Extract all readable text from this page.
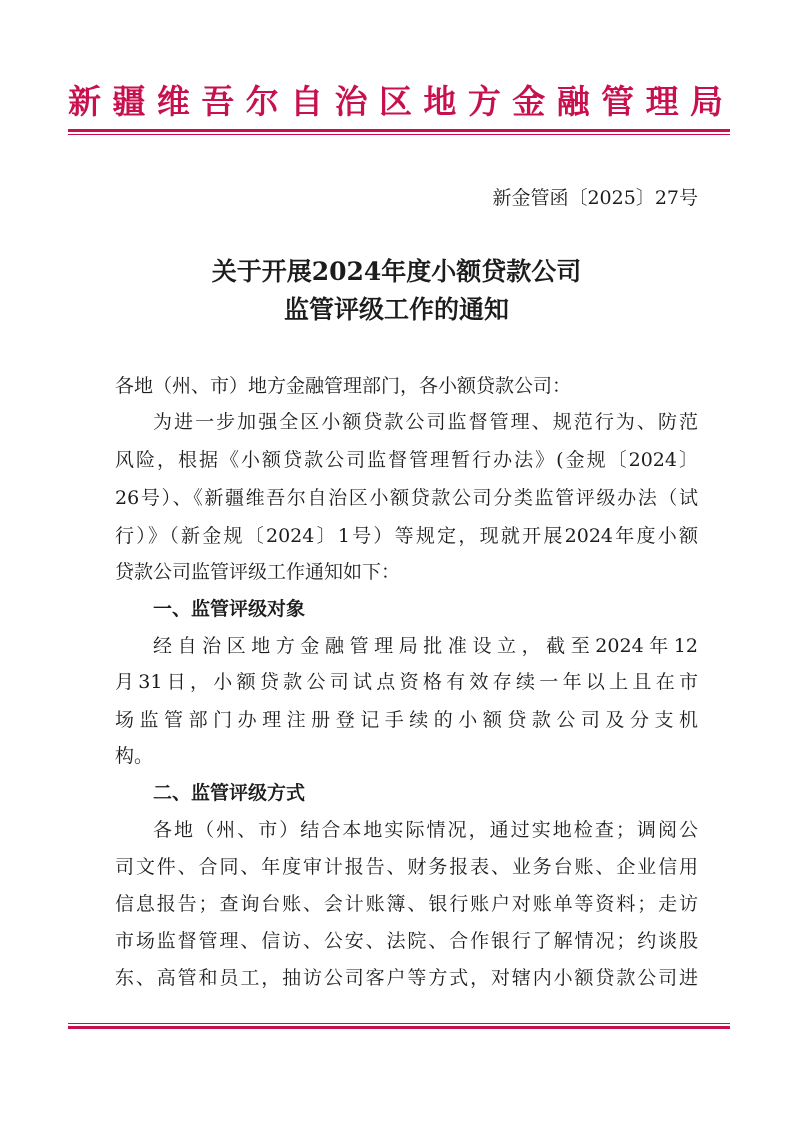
新疆维吾尔自治区地方金融管理局
新金管函〔2025〕27号
关于开展2024年度小额贷款公司
监管评级工作的通知
各地（州、市）地方金融管理部门，各小额贷款公司：
为进一步加强全区小额贷款公司监督管理、规范行为、防范
风险，根据《小额贷款公司监督管理暂行办法》(金规〔2024〕
26号）、《新疆维吾尔自治区小额贷款公司分类监管评级办法（试
行）》（新金规〔2024〕1号）等规定，现就开展2024年度小额
贷款公司监管评级工作通知如下：
一、监管评级对象
经自治区地方金融管理局批准设立，截至2024年12
月31日，小额贷款公司试点资格有效存续一年以上且在市
场监管部门办理注册登记手续的小额贷款公司及分支机
构。
二、监管评级方式
各地（州、市）结合本地实际情况，通过实地检查；调阅公
司文件、合同、年度审计报告、财务报表、业务台账、企业信用
信息报告；查询台账、会计账簿、银行账户对账单等资料；走访
市场监督管理、信访、公安、法院、合作银行了解情况；约谈股
东、高管和员工，抽访公司客户等方式，对辖内小额贷款公司进
